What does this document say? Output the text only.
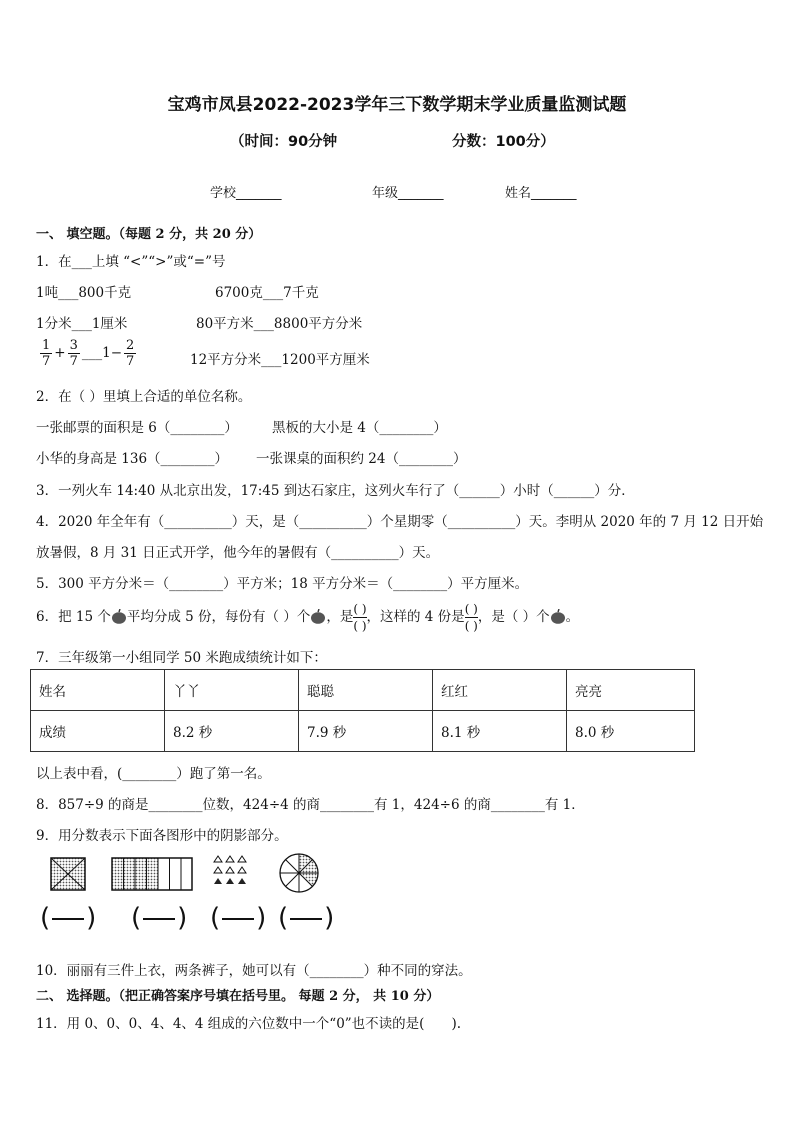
宝鸡市凤县2022-2023学年三下数学期末学业质量监测试题
（时间：90分钟	分数：100分）
学校_______	年级_______	姓名_______
一、 填空题。（每题 2 分，共 20 分）
1．在___上填 “<”“>”或“=”号
1吨___800千克	6700克___7千克
1分米___1厘米	80平方米___8800平方分米
$\frac{1}{7} + \frac{3}{7}$ ___1− $\frac{2}{7}$	12平方分米___1200平方厘米
2．在（ ）里填上合适的单位名称。
一张邮票的面积是 6（________）	黑板的大小是 4（________）
小华的身高是 136（________） 一张课桌的面积约 24（________）
3．一列火车 14:40 从北京出发，17:45 到达石家庄，这列火车行了（______）小时（______）分．
4．2020 年全年有（__________）天，是（__________）个星期零（__________）天。李明从 2020 年的 7 月 12 日开始
放暑假，8 月 31 日正式开学，他今年的暑假有（__________）天。
5．300 平方分米＝（________）平方米；18 平方分米＝（________）平方厘米。
6．把 15 个 平均分成 5 份，每份有（ ）个 ，是 ( )
( )
，这样的 4 份是 ( )
( )
，是（ ）个 。
7．三年级第一小组同学 50 米跑成绩统计如下：
姓名	丫丫	聪聪	红红	亮亮
成绩	8.2 秒	7.9 秒	8.1 秒	8.0 秒
以上表中看，(________）跑了第一名。
8．857÷9 的商是________位数，424÷4 的商________有 1，424÷6 的商________有 1．
9．用分数表示下面各图形中的阴影部分。
( ) ( ) ( ) ( )
10．丽丽有三件上衣，两条裤子，她可以有（________）种不同的穿法。
二、 选择题。（把正确答案序号填在括号里。 每题 2 分， 共 10 分）
11．用 0、0、0、4、4、4 组成的六位数中一个“0”也不读的是(　　).
